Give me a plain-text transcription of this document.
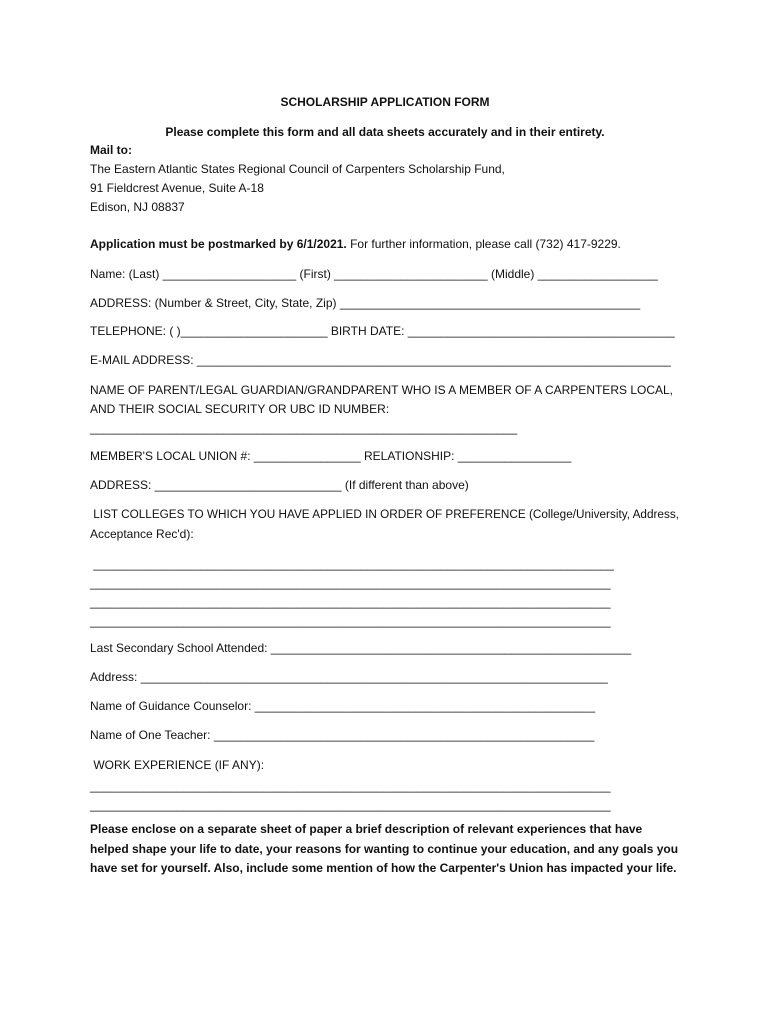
SCHOLARSHIP APPLICATION FORM
Please complete this form and all data sheets accurately and in their entirety.
Mail to:
The Eastern Atlantic States Regional Council of Carpenters Scholarship Fund,
91 Fieldcrest Avenue, Suite A-18
Edison, NJ 08837
Application must be postmarked by 6/1/2021. For further information, please call (732) 417-9229.
Name: (Last) ____________________ (First) _______________________ (Middle) __________________
ADDRESS: (Number & Street, City, State, Zip) _____________________________________________
TELEPHONE: ( )______________________ BIRTH DATE: ________________________________________
E-MAIL ADDRESS: _______________________________________________________________________
NAME OF PARENT/LEGAL GUARDIAN/GRANDPARENT WHO IS A MEMBER OF A CARPENTERS LOCAL,
AND THEIR SOCIAL SECURITY OR UBC ID NUMBER:
________________________________________________________________
MEMBER'S LOCAL UNION #: ________________ RELATIONSHIP: _________________
ADDRESS: ____________________________ (If different than above)
LIST COLLEGES TO WHICH YOU HAVE APPLIED IN ORDER OF PREFERENCE (College/University, Address,
Acceptance Rec'd):
______________________________________________________________________________
______________________________________________________________________________
______________________________________________________________________________
______________________________________________________________________________
Last Secondary School Attended: ______________________________________________________
Address: ______________________________________________________________________
Name of Guidance Counselor: ___________________________________________________
Name of One Teacher: _________________________________________________________
WORK EXPERIENCE (IF ANY):
______________________________________________________________________________
______________________________________________________________________________
Please enclose on a separate sheet of paper a brief description of relevant experiences that have helped shape your life to date, your reasons for wanting to continue your education, and any goals you have set for yourself. Also, include some mention of how the Carpenter's Union has impacted your life.
